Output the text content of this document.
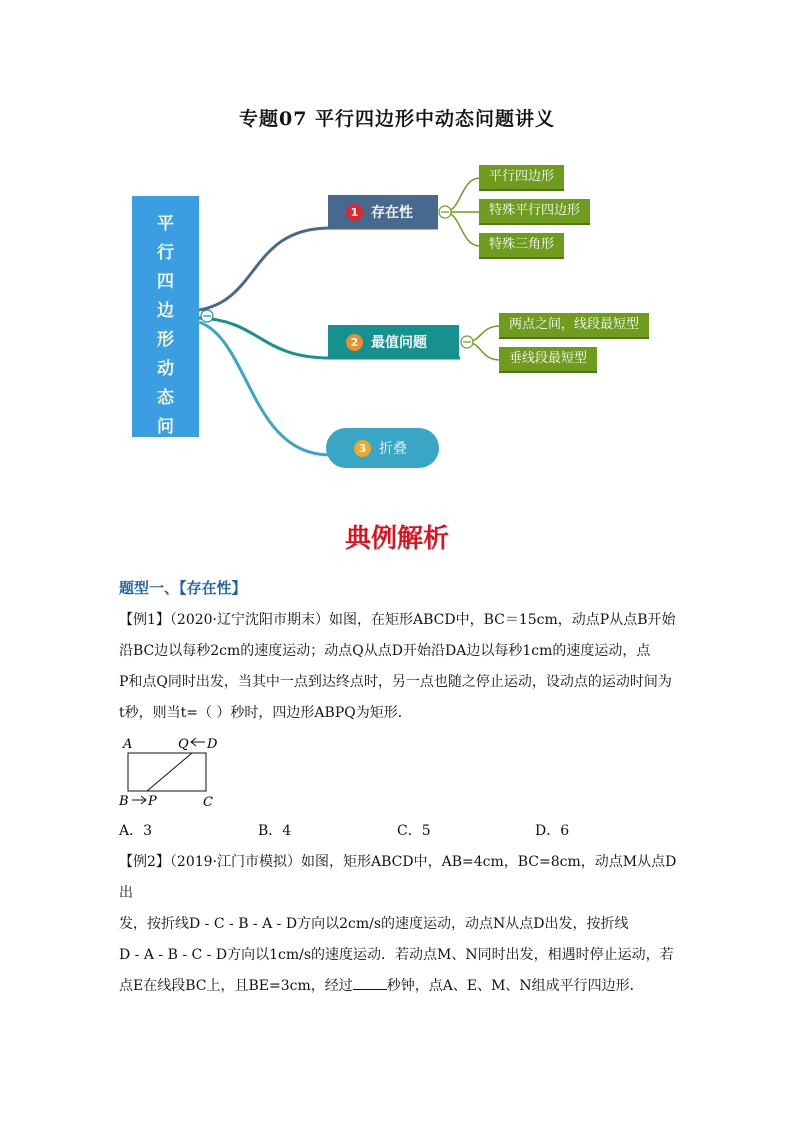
专题07 平行四边形中动态问题讲义
平
行
四
边
形
动
态
问
题
1 存在性
2 最值问题
3 折叠
平行四边形
特殊平行四边形
特殊三角形
两点之间，线段最短型
垂线段最短型
典例解析
题型一、【存在性】
【例1】（2020·辽宁沈阳市期末）如图，在矩形ABCD中，BC＝15cm，动点P从点B开始
沿BC边以每秒2cm的速度运动；动点Q从点D开始沿DA边以每秒1cm的速度运动，点
P和点Q同时出发，当其中一点到达终点时，另一点也随之停止运动，设动点的运动时间为
t秒，则当t=（ ）秒时，四边形ABPQ为矩形．
A	Q D
B P	C
A．3	B．4	C．5	D．6
【例2】（2019·江门市模拟）如图，矩形ABCD中，AB=4cm，BC=8cm，动点M从点D出
发，按折线D - C - B - A - D方向以2cm/s的速度运动，动点N从点D出发，按折线
D - A - B - C - D方向以1cm/s的速度运动．若动点M、N同时出发，相遇时停止运动，若
点E在线段BC上，且BE=3cm，经过 秒钟，点A、E、M、N组成平行四边形．
